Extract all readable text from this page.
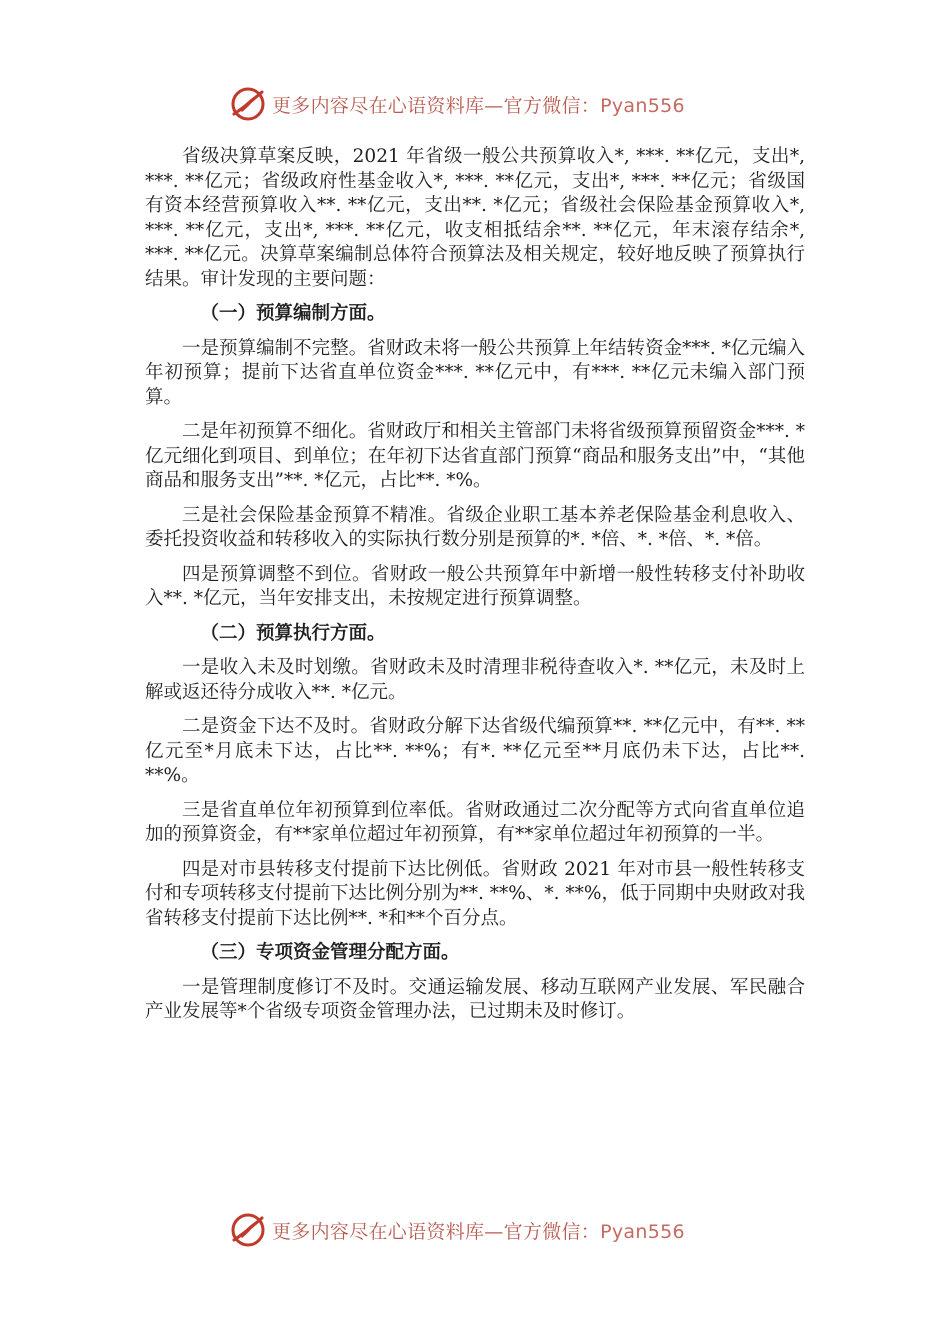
更多内容尽在心语资料库—官方微信：Pyan556

省级决算草案反映，2021 年省级一般公共预算收入*, ***. **亿元，支出*, ***. **亿元；省级政府性基金收入*, ***. **亿元，支出*, ***. **亿元；省级国有资本经营预算收入**. **亿元，支出**. *亿元；省级社会保险基金预算收入*, ***. **亿元，支出*, ***. **亿元，收支相抵结余**. **亿元，年末滚存结余*, ***. **亿元。决算草案编制总体符合预算法及相关规定，较好地反映了预算执行结果。审计发现的主要问题：

（一）预算编制方面。

一是预算编制不完整。省财政未将一般公共预算上年结转资金***. *亿元编入年初预算；提前下达省直单位资金***. **亿元中，有***. **亿元未编入部门预算。

二是年初预算不细化。省财政厅和相关主管部门未将省级预算预留资金***. *亿元细化到项目、到单位；在年初下达省直部门预算“商品和服务支出”中，“其他商品和服务支出”**. *亿元，占比**. *%。

三是社会保险基金预算不精准。省级企业职工基本养老保险基金利息收入、委托投资收益和转移收入的实际执行数分别是预算的*. *倍、*. *倍、*. *倍。

四是预算调整不到位。省财政一般公共预算年中新增一般性转移支付补助收入**. *亿元，当年安排支出，未按规定进行预算调整。

（二）预算执行方面。

一是收入未及时划缴。省财政未及时清理非税待查收入*. **亿元，未及时上解或返还待分成收入**. *亿元。

二是资金下达不及时。省财政分解下达省级代编预算**. **亿元中，有**. **亿元至*月底未下达，占比**. **%；有*. **亿元至**月底仍未下达，占比**. **%。

三是省直单位年初预算到位率低。省财政通过二次分配等方式向省直单位追加的预算资金，有**家单位超过年初预算，有**家单位超过年初预算的一半。

四是对市县转移支付提前下达比例低。省财政 2021 年对市县一般性转移支付和专项转移支付提前下达比例分别为**. **%、*. **%，低于同期中央财政对我省转移支付提前下达比例**. *和**个百分点。

（三）专项资金管理分配方面。

一是管理制度修订不及时。交通运输发展、移动互联网产业发展、军民融合产业发展等*个省级专项资金管理办法，已过期未及时修订。

更多内容尽在心语资料库—官方微信：Pyan556
